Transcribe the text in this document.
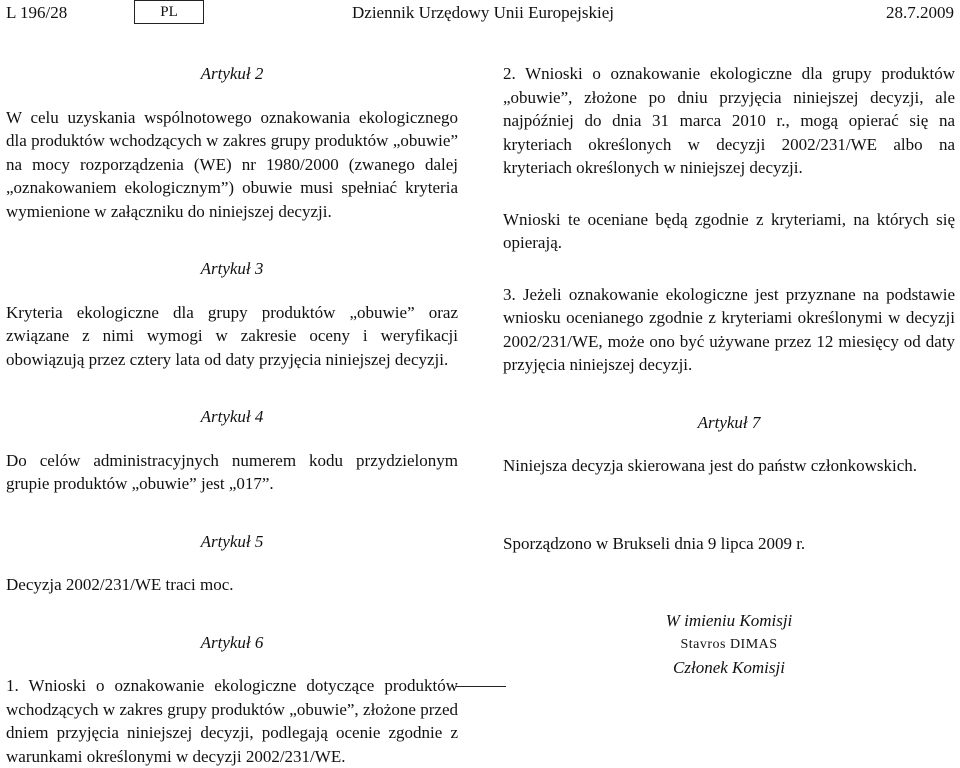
L 196/28	PL	Dziennik Urzędowy Unii Europejskiej	28.7.2009

Artykuł 2

W celu uzyskania wspólnotowego oznakowania ekologicznego dla produktów wchodzących w zakres grupy produktów „obuwie” na mocy rozporządzenia (WE) nr 1980/2000 (zwanego dalej „oznakowaniem ekologicznym”) obuwie musi spełniać kryteria wymienione w załączniku do niniejszej decyzji.

Artykuł 3

Kryteria ekologiczne dla grupy produktów „obuwie” oraz związane z nimi wymogi w zakresie oceny i weryfikacji obowiązują przez cztery lata od daty przyjęcia niniejszej decyzji.

Artykuł 4

Do celów administracyjnych numerem kodu przydzielonym grupie produktów „obuwie” jest „017”.

Artykuł 5

Decyzja 2002/231/WE traci moc.

Artykuł 6

1. Wnioski o oznakowanie ekologiczne dotyczące produktów wchodzących w zakres grupy produktów „obuwie”, złożone przed dniem przyjęcia niniejszej decyzji, podlegają ocenie zgodnie z warunkami określonymi w decyzji 2002/231/WE.

2. Wnioski o oznakowanie ekologiczne dla grupy produktów „obuwie”, złożone po dniu przyjęcia niniejszej decyzji, ale najpóźniej do dnia 31 marca 2010 r., mogą opierać się na kryteriach określonych w decyzji 2002/231/WE albo na kryteriach określonych w niniejszej decyzji.

Wnioski te oceniane będą zgodnie z kryteriami, na których się opierają.

3. Jeżeli oznakowanie ekologiczne jest przyznane na podstawie wniosku ocenianego zgodnie z kryteriami określonymi w decyzji 2002/231/WE, może ono być używane przez 12 miesięcy od daty przyjęcia niniejszej decyzji.

Artykuł 7

Niniejsza decyzja skierowana jest do państw członkowskich.

Sporządzono w Brukseli dnia 9 lipca 2009 r.

W imieniu Komisji

Stavros DIMAS

Członek Komisji
